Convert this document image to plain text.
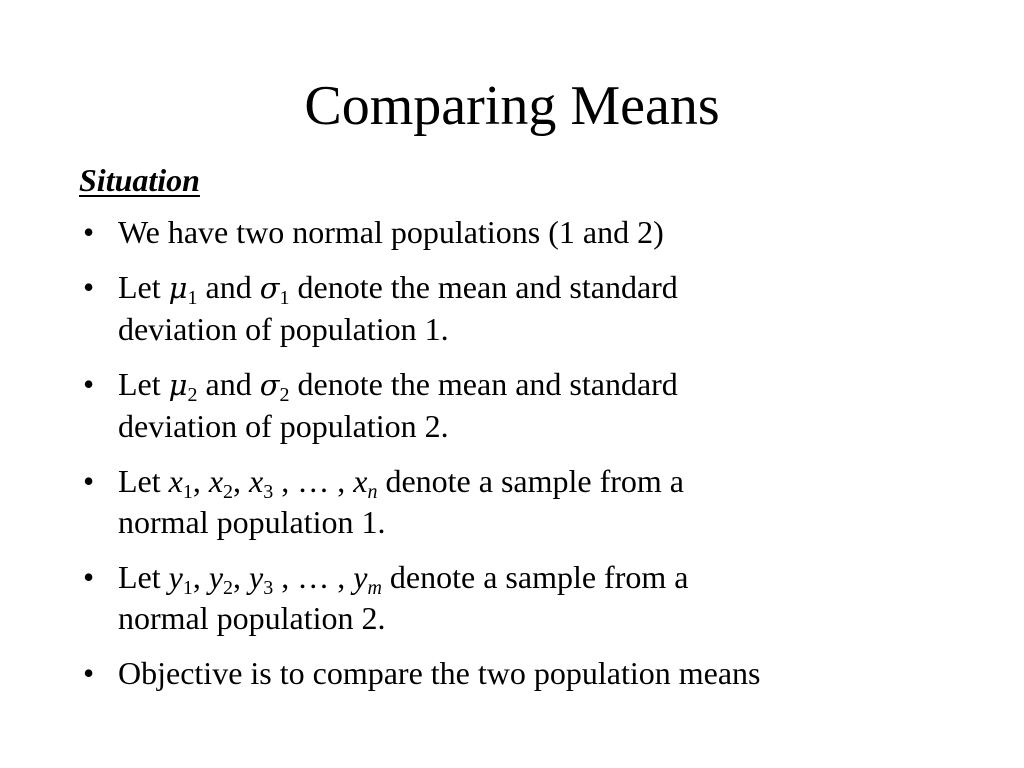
Comparing Means

Situation

• We have two normal populations (1 and 2)
• Let $\mu_1$ and $\sigma_1$ denote the mean and standard
deviation of population 1.
• Let $\mu_2$ and $\sigma_2$ denote the mean and standard
deviation of population 2.
• Let $x_1$, $x_2$, $x_3$ , … , $x_n$ denote a sample from a
normal population 1.
• Let $y_1$, $y_2$, $y_3$ , … , $y_m$ denote a sample from a
normal population 2.
• Objective is to compare the two population means
